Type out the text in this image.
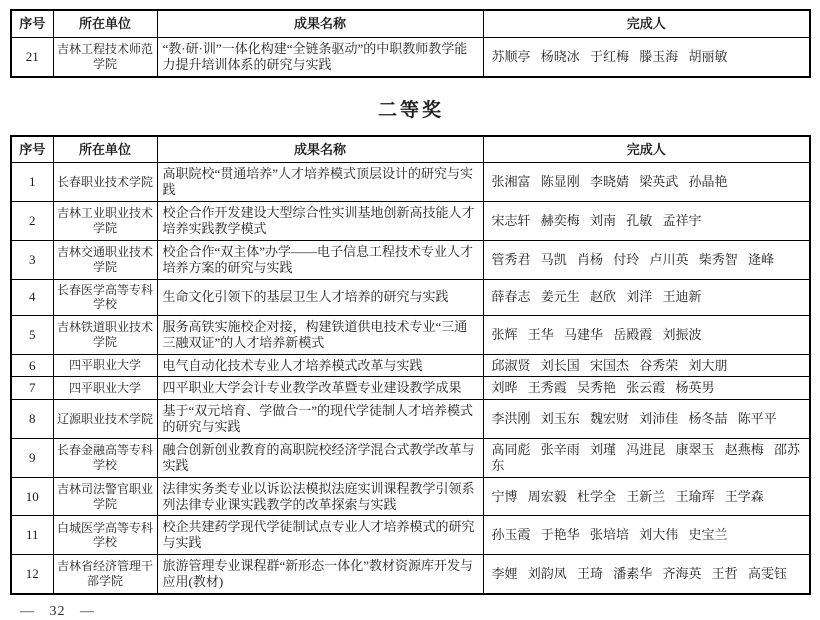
序号	所在单位	成果名称	完成人
21	吉林工程技术师范学院	“教·研·训”一体化构建“全链条驱动”的中职教师教学能力提升培训体系的研究与实践	苏顺亭 杨晓冰 于红梅 滕玉海 胡丽敏
二等奖
序号	所在单位	成果名称	完成人
1	长春职业技术学院	高职院校“贯通培养”人才培养模式顶层设计的研究与实践	张湘富 陈显刚 李晓婧 梁英武 孙晶艳
2	吉林工业职业技术学院	校企合作开发建设大型综合性实训基地创新高技能人才培养实践教学模式	宋志轩 赫奕梅 刘南 孔敏 孟祥宇
3	吉林交通职业技术学院	校企合作“双主体”办学——电子信息工程技术专业人才培养方案的研究与实践	管秀君 马凯 肖杨 付玲 卢川英 柴秀智 逄峰
4	长春医学高等专科学校	生命文化引领下的基层卫生人才培养的研究与实践	薛春志 姜元生 赵欣 刘洋 王迪新
5	吉林铁道职业技术学院	服务高铁实施校企对接，构建铁道供电技术专业“三通三融双证”的人才培养新模式	张辉 王华 马建华 岳殿霞 刘振波
6	四平职业大学	电气自动化技术专业人才培养模式改革与实践	邱淑贤 刘长国 宋国杰 谷秀荣 刘大朋
7	四平职业大学	四平职业大学会计专业教学改革暨专业建设教学成果	刘晔 王秀霞 吴秀艳 张云霞 杨英男
8	辽源职业技术学院	基于“双元培育、学做合一”的现代学徒制人才培养模式的研究与实践	李洪刚 刘玉东 魏宏财 刘沛佳 杨冬喆 陈平平
9	长春金融高等专科学校	融合创新创业教育的高职院校经济学混合式教学改革与实践	高同彪 张辛雨 刘瑾 冯进昆 康翠玉 赵燕梅 邵苏东
10	吉林司法警官职业学院	法律实务类专业以诉讼法模拟法庭实训课程教学引领系列法律专业课实践教学的改革探索与实践	宁博 周宏毅 杜学全 王新兰 王瑜珲 王学森
11	白城医学高等专科学校	校企共建药学现代学徒制试点专业人才培养模式的研究与实践	孙玉霞 于艳华 张培培 刘大伟 史宝兰
12	吉林省经济管理干部学院	旅游管理专业课程群“新形态一体化”教材资源库开发与应用(教材)	李娌 刘韵凤 王琦 潘素华 齐海英 王哲 高雯钰
— 32 —
